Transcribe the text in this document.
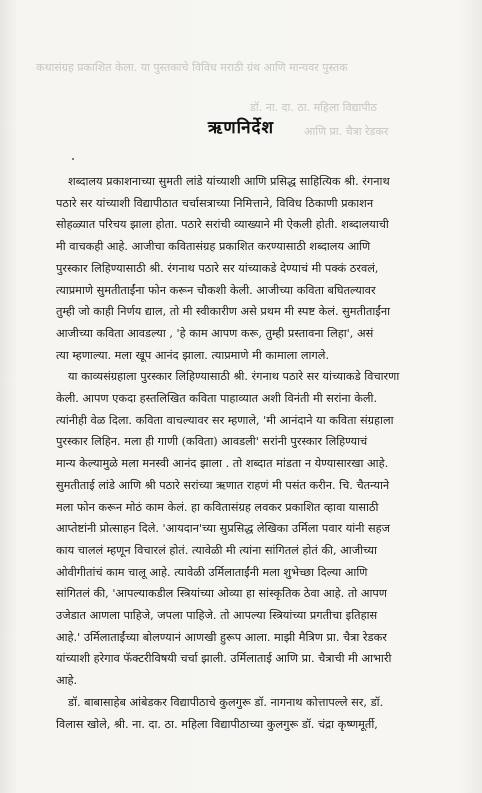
कथासंग्रह प्रकाशित केला. या पुस्तकाचे विविध मराठी ग्रंथ आणि मान्यवर पुस्तक
डॉ. ना. दा. ठा. महिला विद्यापीठ
आणि प्रा. चैत्रा रेडकर
ऋणनिर्देश
शब्दालय प्रकाशनाच्या सुमती लांडे यांच्याशी आणि प्रसिद्ध साहित्यिक श्री. रंगनाथ
पठारे सर यांच्याशी विद्यापीठात चर्चासत्राच्या निमित्ताने, विविध ठिकाणी प्रकाशन
सोहळ्यात परिचय झाला होता. पठारे सरांची व्याख्याने मी ऐकली होती. शब्दालयाची
मी वाचकही आहे. आजीचा कवितासंग्रह प्रकाशित करण्यासाठी शब्दालय आणि
पुरस्कार लिहिण्यासाठी श्री. रंगनाथ पठारे सर यांच्याकडे देण्याचं मी पक्कं ठरवलं,
त्याप्रमाणे सुमतीताईंना फोन करून चौकशी केली. आजीच्या कविता बघितल्यावर
तुम्ही जो काही निर्णय द्याल, तो मी स्वीकारीण असे प्रथम मी स्पष्ट केलं. सुमतीताईंना
आजीच्या कविता आवडल्या , 'हे काम आपण करू, तुम्ही प्रस्तावना लिहा', असं
त्या म्हणाल्या. मला खूप आनंद झाला. त्याप्रमाणे मी कामाला लागले.
या काव्यसंग्रहाला पुरस्कार लिहिण्यासाठी श्री. रंगनाथ पठारे सर यांच्याकडे विचारणा
केली. आपण एकदा हस्तलिखित कविता पाहाव्यात अशी विनंती मी सरांना केली.
त्यांनीही वेळ दिला. कविता वाचल्यावर सर म्हणाले, 'मी आनंदाने या कविता संग्रहाला
पुरस्कार लिहिन. मला ही गाणी (कविता) आवडली' सरांनी पुरस्कार लिहिण्याचं
मान्य केल्यामुळे मला मनस्वी आनंद झाला . तो शब्दात मांडता न येण्यासारखा आहे.
सुमतीताई लांडे आणि श्री पठारे सरांच्या ऋणात राहणं मी पसंत करीन. चि. चैतन्याने
मला फोन करून मोठं काम केलं. हा कवितासंग्रह लवकर प्रकाशित व्हावा यासाठी
आप्तेष्टांनी प्रोत्साहन दिले. 'आयदान'च्या सुप्रसिद्ध लेखिका उर्मिला पवार यांनी सहज
काय चाललं म्हणून विचारलं होतं. त्यावेळी मी त्यांना सांगितलं होतं की, आजीच्या
ओवीगीतांचं काम चालू आहे. त्यावेळी उर्मिलाताईंनी मला शुभेच्छा दिल्या आणि
सांगितलं की, 'आपल्याकडील स्त्रियांच्या ओव्या हा सांस्कृतिक ठेवा आहे. तो आपण
उजेडात आणला पाहिजे, जपला पाहिजे. तो आपल्या स्त्रियांच्या प्रगतीचा इतिहास
आहे.' उर्मिलाताईंच्या बोलण्यानं आणखी हुरूप आला. माझी मैत्रिण प्रा. चैत्रा रेडकर
यांच्याशी हरेगाव फॅक्टरीविषयी चर्चा झाली. उर्मिलाताई आणि प्रा. चैत्राची मी आभारी
आहे.
डॉ. बाबासाहेब आंबेडकर विद्यापीठाचे कुलगुरू डॉ. नागनाथ कोत्तापल्ले सर, डॉ.
विलास खोले, श्री. ना. दा. ठा. महिला विद्यापीठाच्या कुलगुरू डॉ. चंद्रा कृष्णमूर्ती,
